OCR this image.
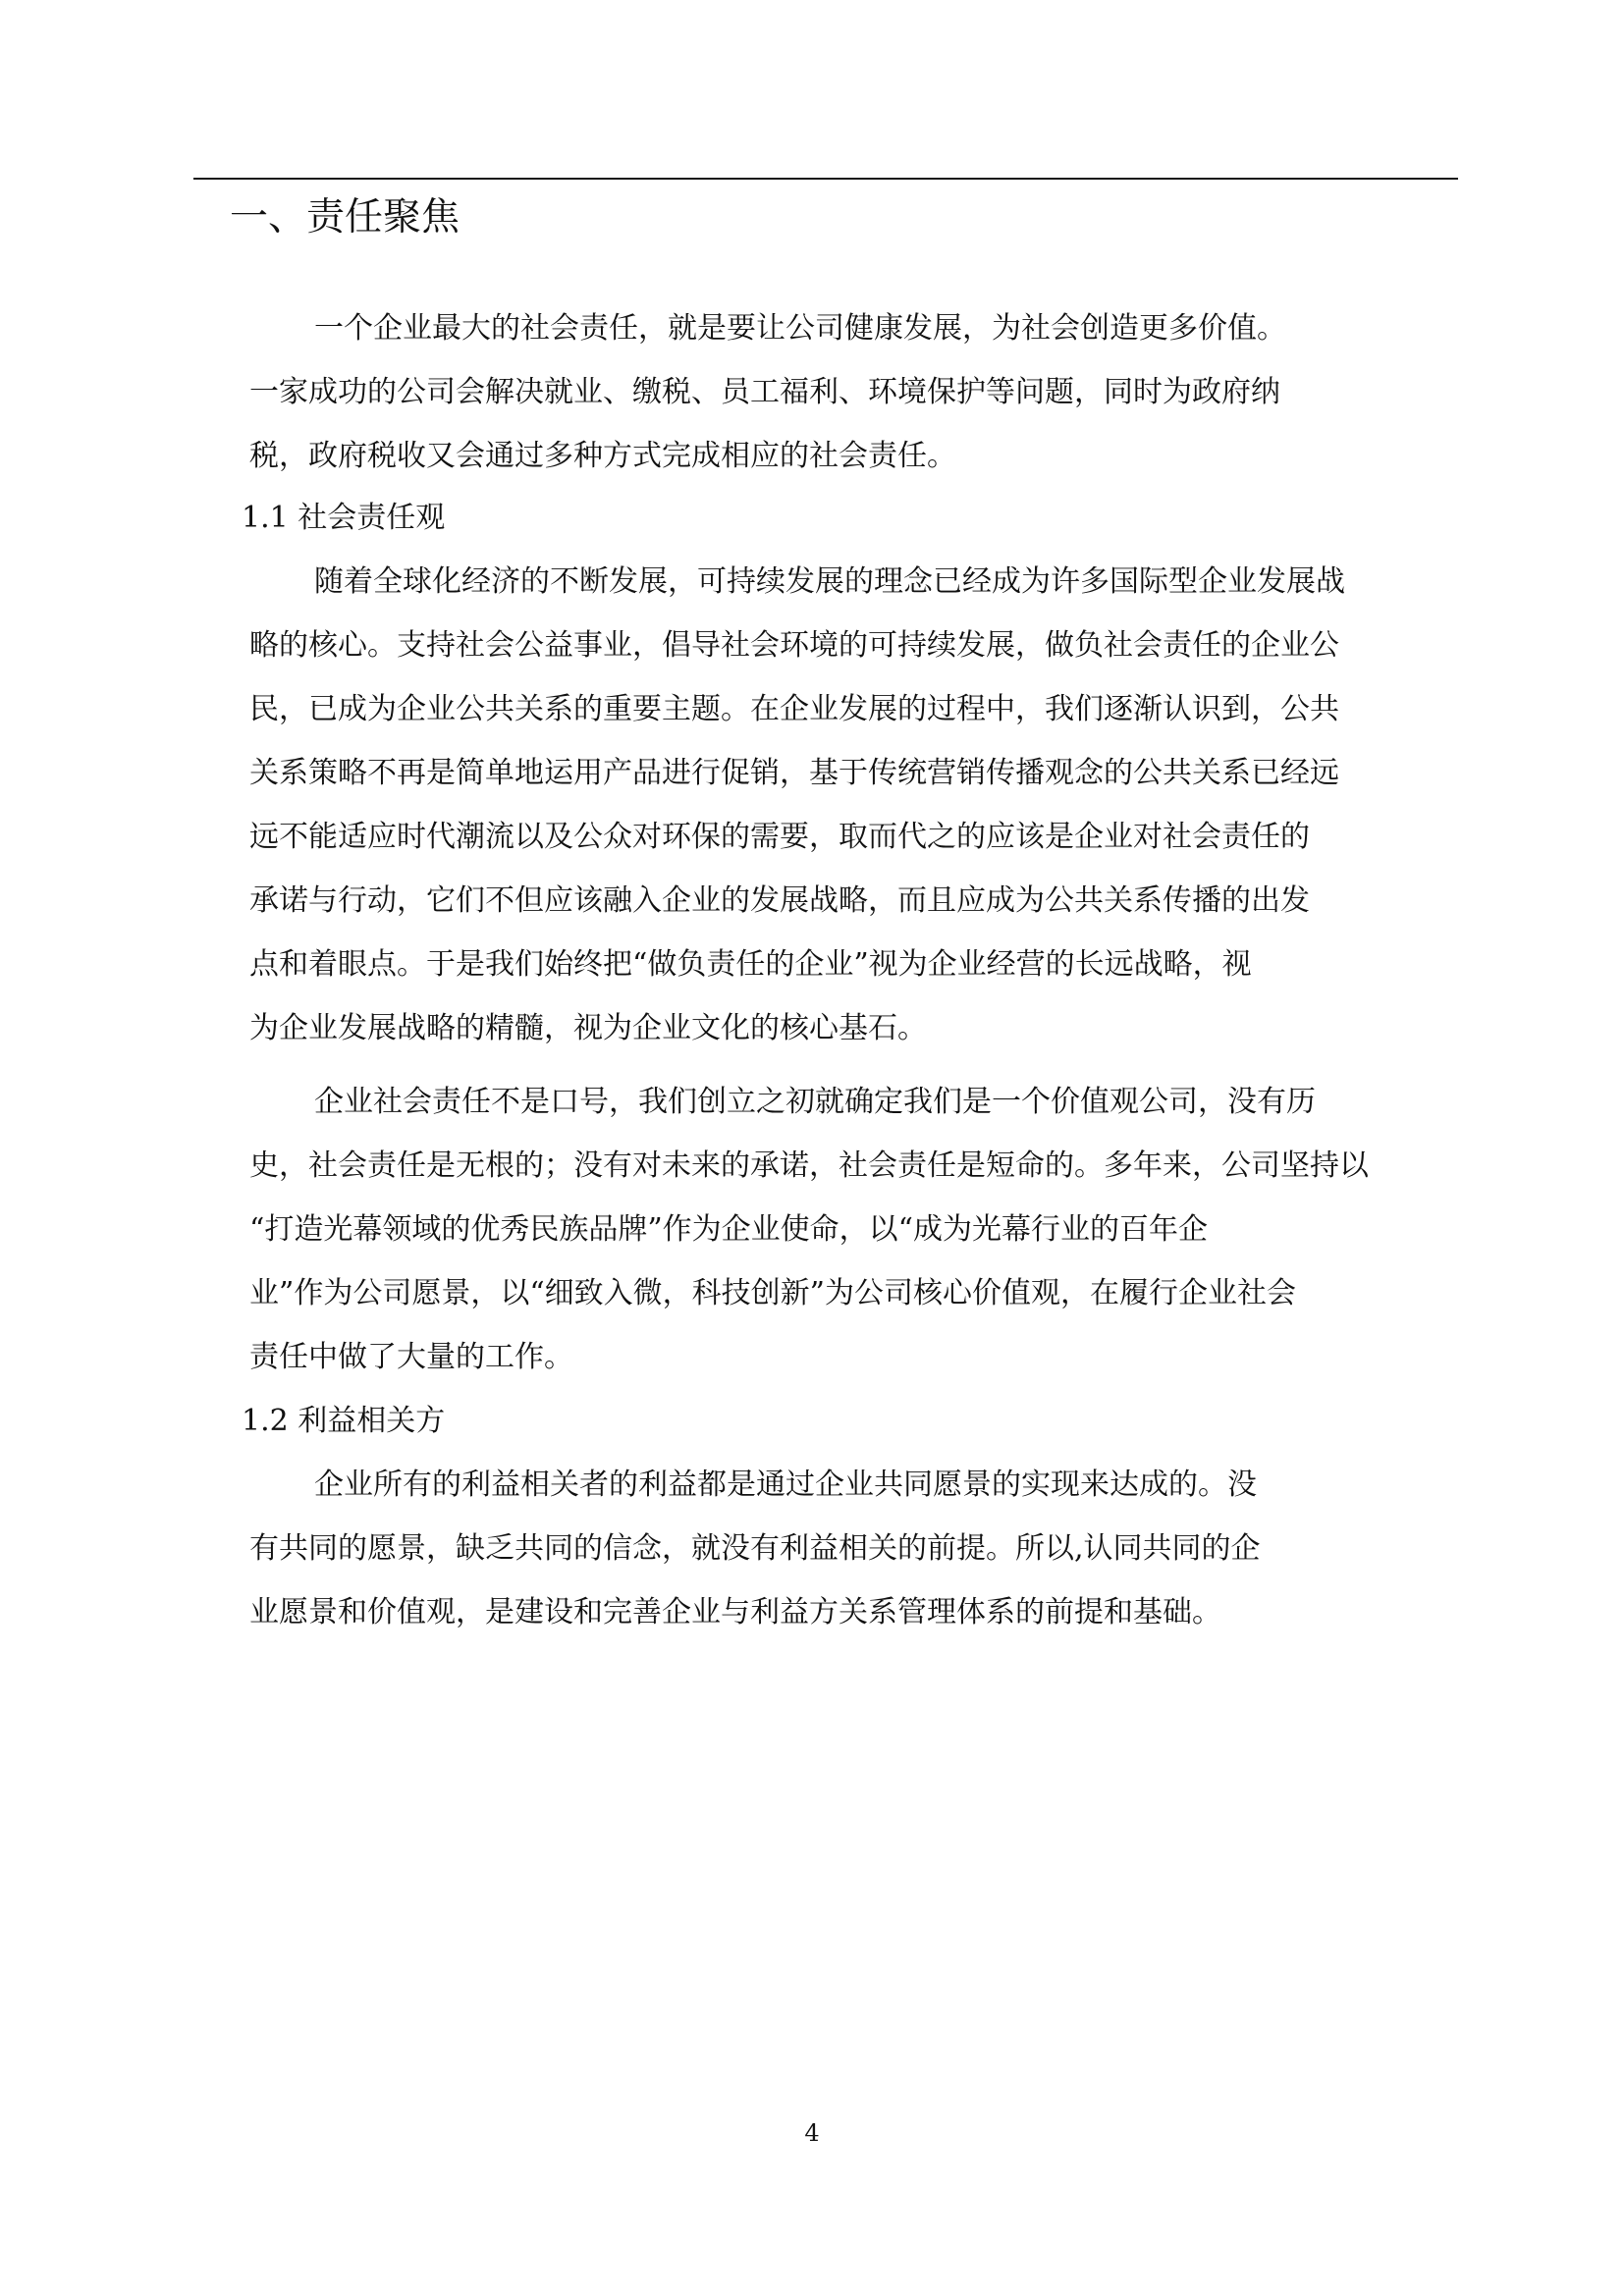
一、责任聚焦

一个企业最大的社会责任，就是要让公司健康发展，为社会创造更多价值。

一家成功的公司会解决就业、缴税、员工福利、环境保护等问题，同时为政府纳

税，政府税收又会通过多种方式完成相应的社会责任。

1.1 社会责任观

随着全球化经济的不断发展，可持续发展的理念已经成为许多国际型企业发展战

略的核心。支持社会公益事业，倡导社会环境的可持续发展，做负社会责任的企业公

民，已成为企业公共关系的重要主题。在企业发展的过程中，我们逐渐认识到，公共

关系策略不再是简单地运用产品进行促销，基于传统营销传播观念的公共关系已经远

远不能适应时代潮流以及公众对环保的需要，取而代之的应该是企业对社会责任的

承诺与行动，它们不但应该融入企业的发展战略，而且应成为公共关系传播的出发

点和着眼点。于是我们始终把“做负责任的企业”视为企业经营的长远战略，视

为企业发展战略的精髓，视为企业文化的核心基石。

企业社会责任不是口号，我们创立之初就确定我们是一个价值观公司，没有历

史，社会责任是无根的；没有对未来的承诺，社会责任是短命的。多年来，公司坚持以

“打造光幕领域的优秀民族品牌”作为企业使命，以“成为光幕行业的百年企

业”作为公司愿景，以“细致入微，科技创新”为公司核心价值观，在履行企业社会

责任中做了大量的工作。

1.2 利益相关方

企业所有的利益相关者的利益都是通过企业共同愿景的实现来达成的。没

有共同的愿景，缺乏共同的信念，就没有利益相关的前提。所以,认同共同的企

业愿景和价值观，是建设和完善企业与利益方关系管理体系的前提和基础。

4
